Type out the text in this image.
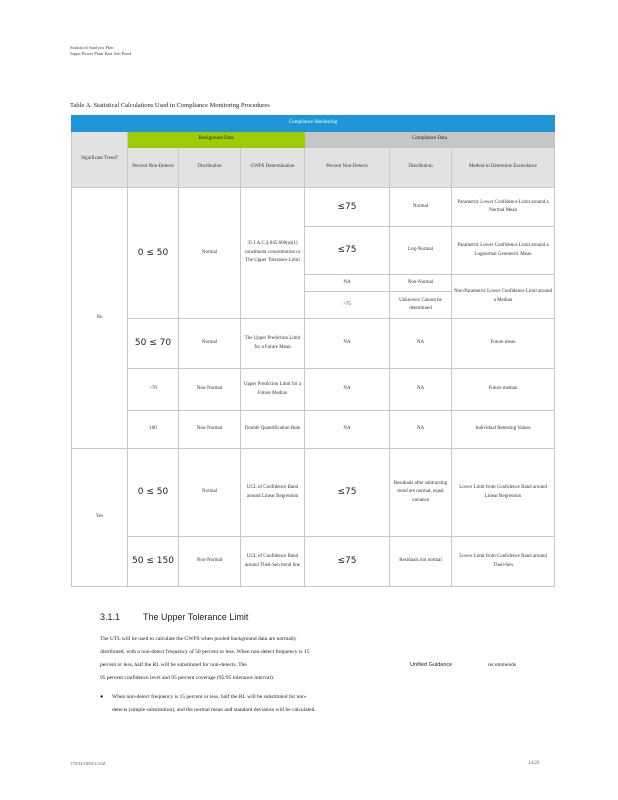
Statistical Analysis Plan
Joppa Power Plant East Ash Pond
Table A. Statistical Calculations Used in Compliance Monitoring Procedures
Compliance Monitoring						
Significant Trend?	Background Data			Compliance Data		
	Percent Non-Detects	Distribution	GWPS Determination	Percent Non-Detects	Distribution	Method to Determine Exceedance
No	0 ≤ 50	Normal	35 I.A.C.§ 845.600(a)(1) constituent concentration or The Upper Tolerance Limit	≤75	Normal	Parametric Lower Confidence Limit around a Normal Mean
				≤75	Log-Normal	Parametric Lower Confidence Limit around a Lognormal Geometric Mean
				NA	Non-Normal	Non-Parametric Lower Confidence Limit around a Median
				>75	Unknown/ Cannot be determined	
	50 ≤ 70	Normal	The Upper Prediction Limit for a Future Mean	NA	NA	Future mean
	>70	Non-Normal	Upper Prediction Limit for a Future Median	NA	NA	Future median
	100	Non-Normal	Double Quantification Rule	NA	NA	Individual Retesting Values

Yes	0 ≤ 50	Normal	UCL of Confidence Band around Linear Regression	≤75	Residuals after subtracting trend are normal, equal variance	Lower Limit from Confidence Band around Linear Regression
	50 ≤ 150	Non-Normal	UCL of Confidence Band around Theil-Sen trend line	≤75	Residuals not normal	Lower Limit from Confidence Band around Theil-Sen
3.1.1	The Upper Tolerance Limit
The UTL will be used to calculate the GWPS when pooled background data are normally
distributed, with a non-detect frequency of 50 percent or less. When non-detect frequency is 15
percent or less, half the RL will be substituted for non-detects. The	Unified Guidance	recommends
95 percent confidence level and 95 percent coverage (95/95 tolerance interval).
● When non-detect frequency is 15 percent or less, half the RL will be substituted for non-
detects (simple substitution), and the normal mean and standard deviation will be calculated.
178/34/1994/1/3/JZ	14/22
